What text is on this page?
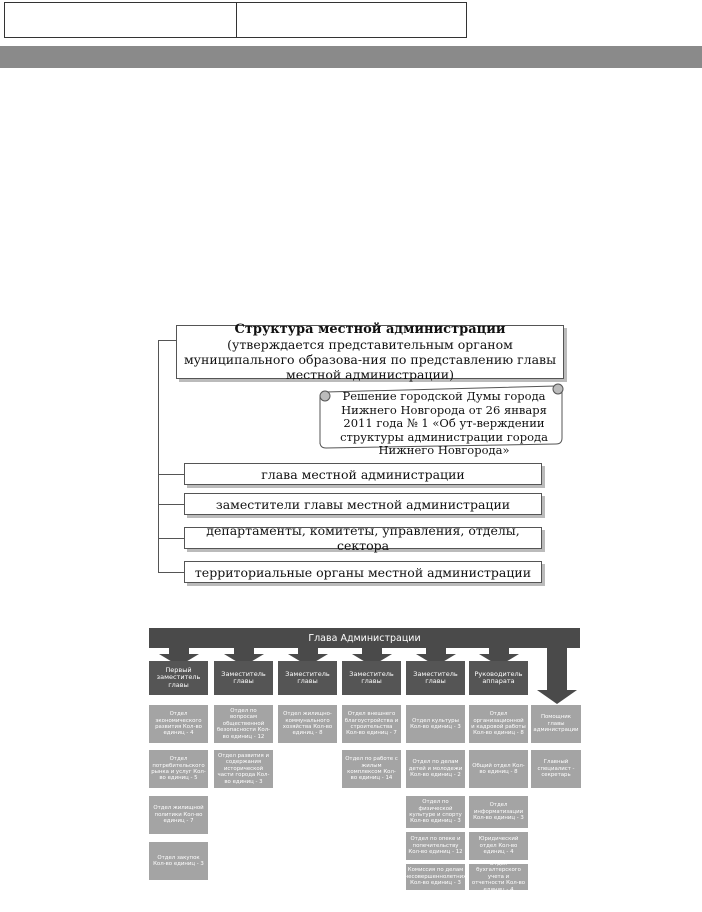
Структура местной администрации
(утверждается представительным органом муниципального образова-ния по представлению главы местной администрации)
Решение городской Думы города Нижнего Новгорода от 26 января 2011 года № 1 «Об ут-верждении структуры администрации города Нижнего Новгорода»
глава местной администрации
заместители главы местной администрации
департаменты, комитеты, управления, отделы, сектора
территориальные органы местной администрации
Глава Администрации
Первый заместитель главы
Заместитель главы
Заместитель главы
Заместитель главы
Заместитель главы
Руководитель аппарата
Отдел экономического развития Кол-во единиц - 4
Отдел потребительского рынка и услуг Кол-во единиц - 5
Отдел жилищной политики Кол-во единиц - 7
Отдел закупок Кол-во единиц - 3
Отдел по вопросам общественной безопасности Кол-во единиц - 12
Отдел развития и содержания исторической части города Кол-во единиц - 3
Отдел жилищно-коммунального хозяйства Кол-во единиц - 8
Отдел внешнего благоустройства и строительства Кол-во единиц - 7
Отдел по работе с жилым комплексом Кол-во единиц - 14
Отдел культуры Кол-во единиц - 3
Отдел по делам детей и молодежи Кол-во единиц - 2
Отдел по физической культуре и спорту Кол-во единиц - 3
Отдел по опеке и попечительству Кол-во единиц - 12
Комиссия по делам несовершеннолетних Кол-во единиц - 3
Отдел организационной и кадровой работы Кол-во единиц - 8
Общий отдел Кол-во единиц - 8
Отдел информатизации Кол-во единиц - 3
Юридический отдел Кол-во единиц - 4
Отдел бухгалтерского учета и отчетности Кол-во единиц - 4
Помощник главы администрации
Главный специалист - секретарь
